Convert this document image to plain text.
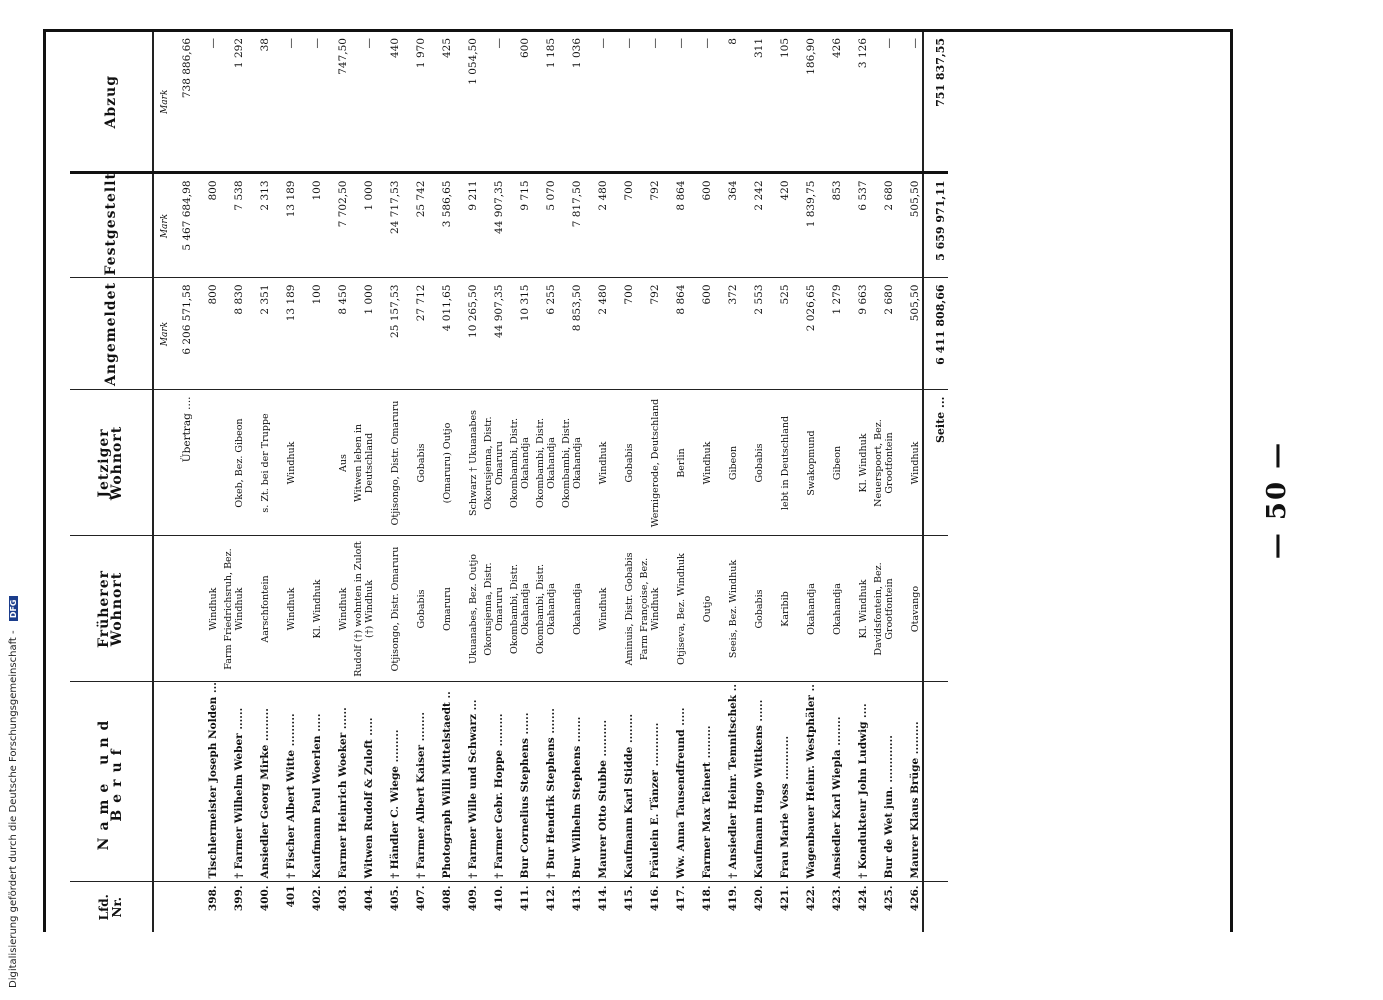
Lfd. Nr.	Name und Beruf	Früherer Wohnort	Jetziger Wohnort	Angemeldet	Festgestellt	Abzug
				Mark	Mark	Mark
			Übertrag ....	6 206 571,58	5 467 684,98	738 886,66
398.	Tischlermeister Joseph Nolden ...	Windhuk		800	800	—
399.	† Farmer Wilhelm Weber ......	Farm Friedrichsruh, Bez. Windhuk	Okeb, Bez. Gibeon	8 830	7 538	1 292
400.	Ansiedler Georg Mirke .........	Aarschfontein	s. Zt. bei der Truppe	2 351	2 313	38
401	† Fischer Albert Witte .........	Windhuk	Windhuk	13 189	13 189	—
402.	Kaufmann Paul Woerlen .....	Kl. Windhuk		100	100	—
403.	Farmer Heinrich Woeker ......	Windhuk	Aus	8 450	7 702,50	747,50
404.	Witwen Rudolf & Zuloft .....	Rudolf (†) wohnten in Zuloft (†) Windhuk	Witwen leben in Deutschland	1 000	1 000	—
405.	† Händler C. Wiege .........	Otjisongo, Distr. Omaruru	Otjisongo, Distr. Omaruru	25 157,53	24 717,53	440
407.	† Farmer Albert Kaiser ........	Gobabis	Gobabis	27 712	25 742	1 970
408.	Photograph Willi Mittelstaedt ..	Omaruru	(Omaruru) Outjo	4 011,65	3 586,65	425
409.	† Farmer Wille und Schwarz ...	Ukuanabes, Bez. Outjo	Schwarz † Ukuanabes	10 265,50	9 211	1 054,50
410.	† Farmer Gebr. Hoppe .........	Okorusjenna, Distr. Omaruru	Okorusjenna, Distr. Omaruru	44 907,35	44 907,35	—
411.	Bur Cornelius Stephens ......	Okombambi, Distr. Okahandja	Okombambi, Distr. Okahandja	10 315	9 715	600
412.	† Bur Hendrik Stephens .......	Okombambi, Distr. Okahandja	Okombambi, Distr. Okahandja	6 255	5 070	1 185
413.	Bur Wilhelm Stephens .......	Okahandja	Okombambi, Distr. Okahandja	8 853,50	7 817,50	1 036
414.	Maurer Otto Stubbe ..........	Windhuk	Windhuk	2 480	2 480	—
415.	Kaufmann Karl Stidde ........	Aminuis, Distr. Gobabis	Gobabis	700	700	—
416.	Fräulein E. Tänzer ............	Farm Françoise, Bez. Windhuk	Wernigerode, Deutschland	792	792	—
417.	Ww. Anna Tausendfreund .....	Otjiseva, Bez. Windhuk	Berlin	8 864	8 864	—
418.	Farmer Max Teinert .........	Outjo	Windhuk	600	600	—
419.	† Ansiedler Heinr. Temnitschek ..	Seeis, Bez. Windhuk	Gibeon	372	364	8
420.	Kaufmann Hugo Wittkens ......	Gobabis	Gobabis	2 553	2 242	311
421.	Frau Marie Voss ............	Karibib	lebt in Deutschland	525	420	105
422.	Wagenbauer Heinr. Westphäler ..	Okahandja	Swakopmund	2 026,65	1 839,75	186,90
423.	Ansiedler Karl Wiepla ........	Okahandja	Gibeon	1 279	853	426
424.	† Kondukteur John Ludwig ....	Kl. Windhuk	Kl. Windhuk	9 663	6 537	3 126
425.	Bur de Wet jun. .............	Davidsfontein, Bez. Grootfontein	Neuerspoort, Bez. Grootfontein	2 680	2 680	—
426.	Maurer Klaus Brüge .........	Otavango	Windhuk	505,50	505,50	—
			Seite ...	6 411 808,66	5 659 971,11	751 837,55
— 50 —
Digitalisierung gefördert durch die Deutsche Forschungsgemeinschaft - DFG
